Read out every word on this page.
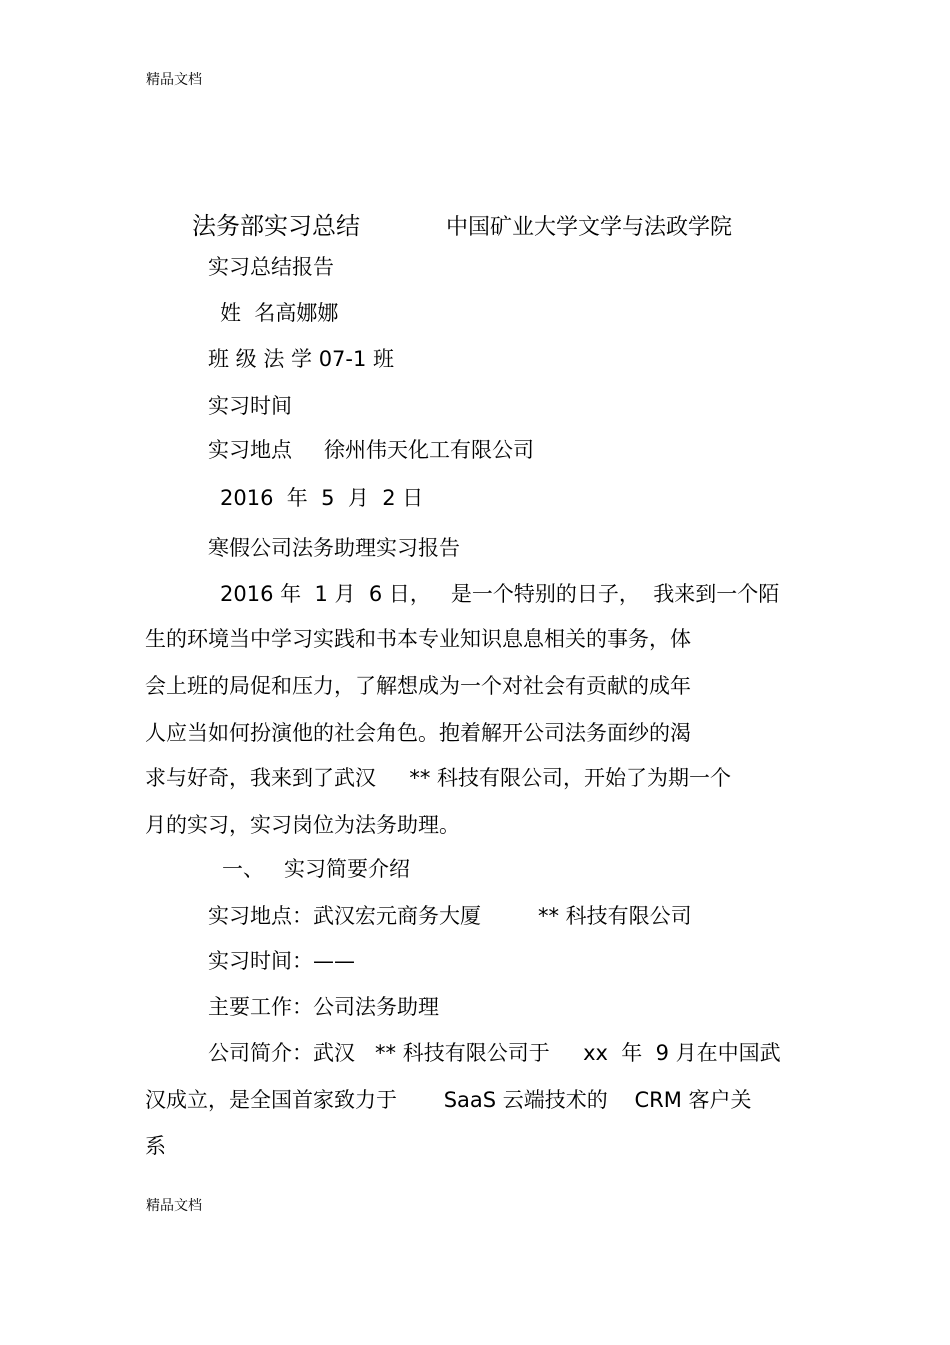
精品文档
法务部实习总结	中国矿业大学文学与法政学院
实习总结报告
姓  名高娜娜
班 级 法 学 07-1 班
实习时间
实习地点 徐州伟天化工有限公司
2016  年  5  月  2 日
寒假公司法务助理实习报告
2016 年  1 月  6 日，   是一个特别的日子，  我来到一个陌
生的环境当中学习实践和书本专业知识息息相关的事务，体
会上班的局促和压力，了解想成为一个对社会有贡献的成年
人应当如何扮演他的社会角色。抱着解开公司法务面纱的渴
求与好奇，我来到了武汉     ** 科技有限公司，开始了为期一个
月的实习，实习岗位为法务助理。
一、   实习简要介绍
实习地点：武汉宏元商务大厦	** 科技有限公司
实习时间：——
主要工作：公司法务助理
公司简介：武汉   ** 科技有限公司于     xx  年  9 月在中国武
汉成立，是全国首家致力于       SaaS 云端技术的    CRM 客户关
系
精品文档
